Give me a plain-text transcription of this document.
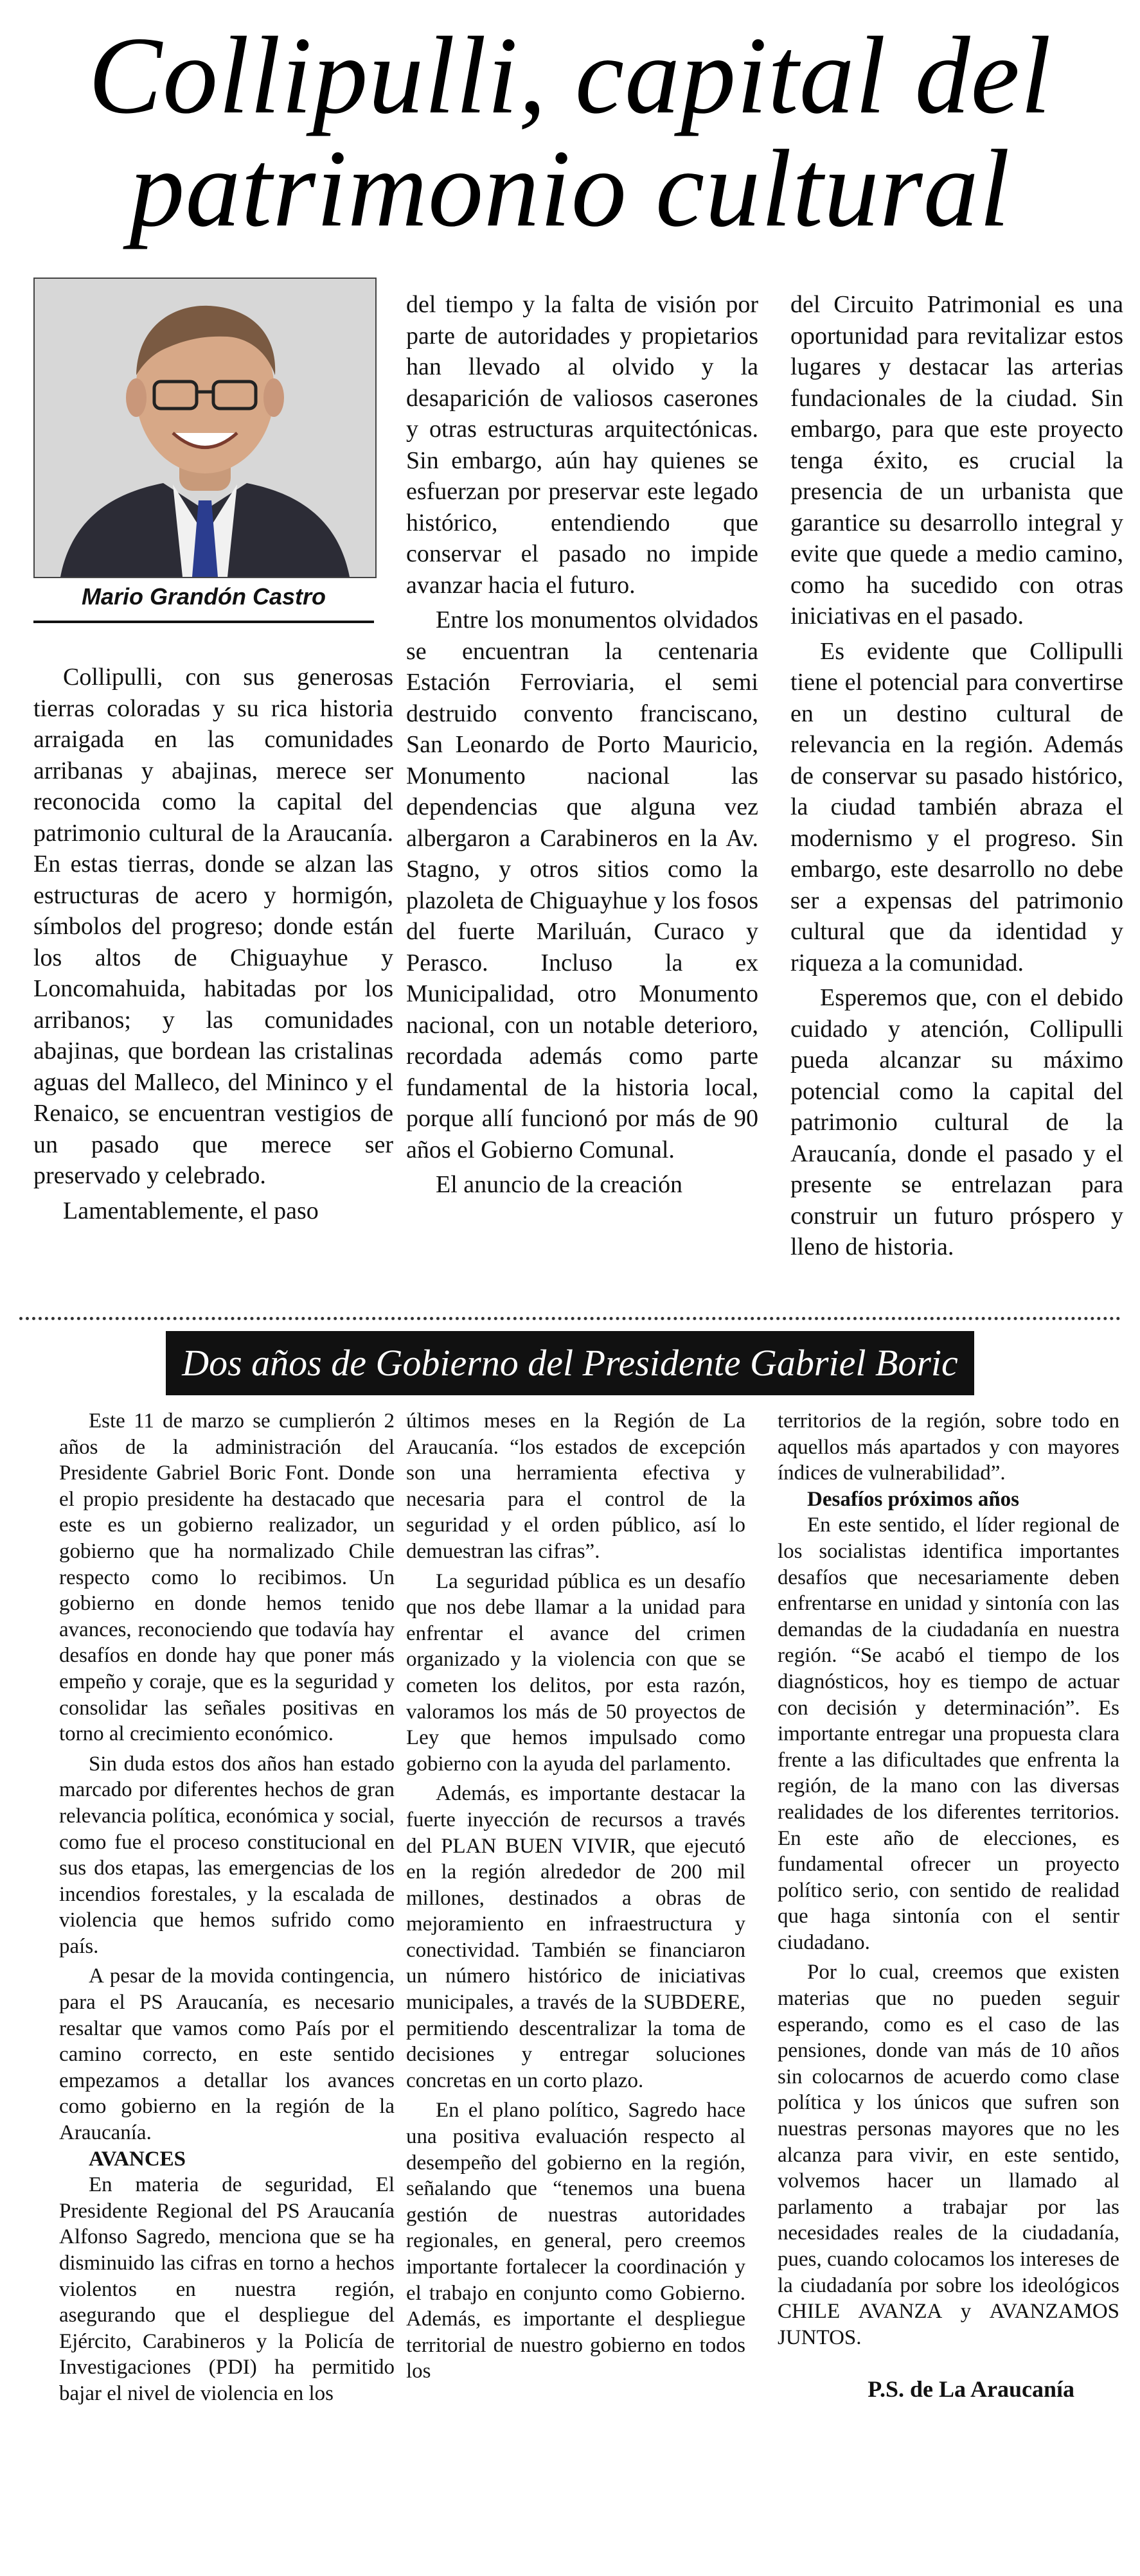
Collipulli, capital del
patrimonio cultural
Mario Grandón Castro

Collipulli, con sus generosas tierras coloradas y su rica historia arraigada en las comunidades arribanas y abajinas, merece ser reconocida como la capital del patrimonio cultural de la Araucanía. En estas tierras, donde se alzan las estructuras de acero y hormigón, símbolos del progreso; donde están los altos de Chiguayhue y Loncomahuida, habitadas por los arribanos; y las comunidades abajinas, que bordean las cristalinas aguas del Malleco, del Mininco y el Renaico, se encuentran vestigios de un pasado que merece ser preservado y celebrado.

Lamentablemente, el paso

del tiempo y la falta de visión por parte de autoridades y propietarios han llevado al olvido y la desaparición de valiosos caserones y otras estructuras arquitectónicas. Sin embargo, aún hay quienes se esfuerzan por preservar este legado histórico, entendiendo que conservar el pasado no impide avanzar hacia el futuro.

Entre los monumentos olvidados se encuentran la centenaria Estación Ferroviaria, el semi destruido convento franciscano, San Leonardo de Porto Mauricio, Monumento nacional las dependencias que alguna vez albergaron a Carabineros en la Av. Stagno, y otros sitios como la plazoleta de Chiguayhue y los fosos del fuerte Mariluán, Curaco y Perasco. Incluso la ex Municipalidad, otro Monumento nacional, con un notable deterioro, recordada además como parte fundamental de la historia local, porque allí funcionó por más de 90 años el Gobierno Comunal.

El anuncio de la creación

del Circuito Patrimonial es una oportunidad para revitalizar estos lugares y destacar las arterias fundacionales de la ciudad. Sin embargo, para que este proyecto tenga éxito, es crucial la presencia de un urbanista que garantice su desarrollo integral y evite que quede a medio camino, como ha sucedido con otras iniciativas en el pasado.

Es evidente que Collipulli tiene el potencial para convertirse en un destino cultural de relevancia en la región. Además de conservar su pasado histórico, la ciudad también abraza el modernismo y el progreso. Sin embargo, este desarrollo no debe ser a expensas del patrimonio cultural que da identidad y riqueza a la comunidad.

Esperemos que, con el debido cuidado y atención, Collipulli pueda alcanzar su máximo potencial como la capital del patrimonio cultural de la Araucanía, donde el pasado y el presente se entrelazan para construir un futuro próspero y lleno de historia.

Dos años de Gobierno del Presidente Gabriel Boric

Este 11 de marzo se cumplierón 2 años de la administración del Presidente Gabriel Boric Font. Donde el propio presidente ha destacado que este es un gobierno realizador, un gobierno que ha normalizado Chile respecto como lo recibimos. Un gobierno en donde hemos tenido avances, reconociendo que todavía hay desafíos en donde hay que poner más empeño y coraje, que es la seguridad y consolidar las señales positivas en torno al crecimiento económico.

Sin duda estos dos años han estado marcado por diferentes hechos de gran relevancia política, económica y social, como fue el proceso constitucional en sus dos etapas, las emergencias de los incendios forestales, y la escalada de violencia que hemos sufrido como país.

A pesar de la movida contingencia, para el PS Araucanía, es necesario resaltar que vamos como País por el camino correcto, en este sentido empezamos a detallar los avances como gobierno en la región de la Araucanía.

AVANCES

En materia de seguridad, El Presidente Regional del PS Araucanía Alfonso Sagredo, menciona que se ha disminuido las cifras en torno a hechos violentos en nuestra región, asegurando que el despliegue del Ejército, Carabineros y la Policía de Investigaciones (PDI) ha permitido bajar el nivel de violencia en los

últimos meses en la Región de La Araucanía. “los estados de excepción son una herramienta efectiva y necesaria para el control de la seguridad y el orden público, así lo demuestran las cifras”.

La seguridad pública es un desafío que nos debe llamar a la unidad para enfrentar el avance del crimen organizado y la violencia con que se cometen los delitos, por esta razón, valoramos los más de 50 proyectos de Ley que hemos impulsado como gobierno con la ayuda del parlamento.

Además, es importante destacar la fuerte inyección de recursos a través del PLAN BUEN VIVIR, que ejecutó en la región alrededor de 200 mil millones, destinados a obras de mejoramiento en infraestructura y conectividad. También se financiaron un número histórico de iniciativas municipales, a través de la SUBDERE, permitiendo descentralizar la toma de decisiones y entregar soluciones concretas en un corto plazo.

En el plano político, Sagredo hace una positiva evaluación respecto al desempeño del gobierno en la región, señalando que “tenemos una buena gestión de nuestras autoridades regionales, en general, pero creemos importante fortalecer la coordinación y el trabajo en conjunto como Gobierno. Además, es importante el despliegue territorial de nuestro gobierno en todos los

territorios de la región, sobre todo en aquellos más apartados y con mayores índices de vulnerabilidad”.

Desafíos próximos años

En este sentido, el líder regional de los socialistas identifica importantes desafíos que necesariamente deben enfrentarse en unidad y sintonía con las demandas de la ciudadanía en nuestra región. “Se acabó el tiempo de los diagnósticos, hoy es tiempo de actuar con decisión y determinación”. Es importante entregar una propuesta clara frente a las dificultades que enfrenta la región, de la mano con las diversas realidades de los diferentes territorios. En este año de elecciones, es fundamental ofrecer un proyecto político serio, con sentido de realidad que haga sintonía con el sentir ciudadano.

Por lo cual, creemos que existen materias que no pueden seguir esperando, como es el caso de las pensiones, donde van más de 10 años sin colocarnos de acuerdo como clase política y los únicos que sufren son nuestras personas mayores que no les alcanza para vivir, en este sentido, volvemos hacer un llamado al parlamento a trabajar por las necesidades reales de la ciudadanía, pues, cuando colocamos los intereses de la ciudadanía por sobre los ideológicos CHILE AVANZA y AVANZAMOS JUNTOS.

P.S. de La Araucanía
